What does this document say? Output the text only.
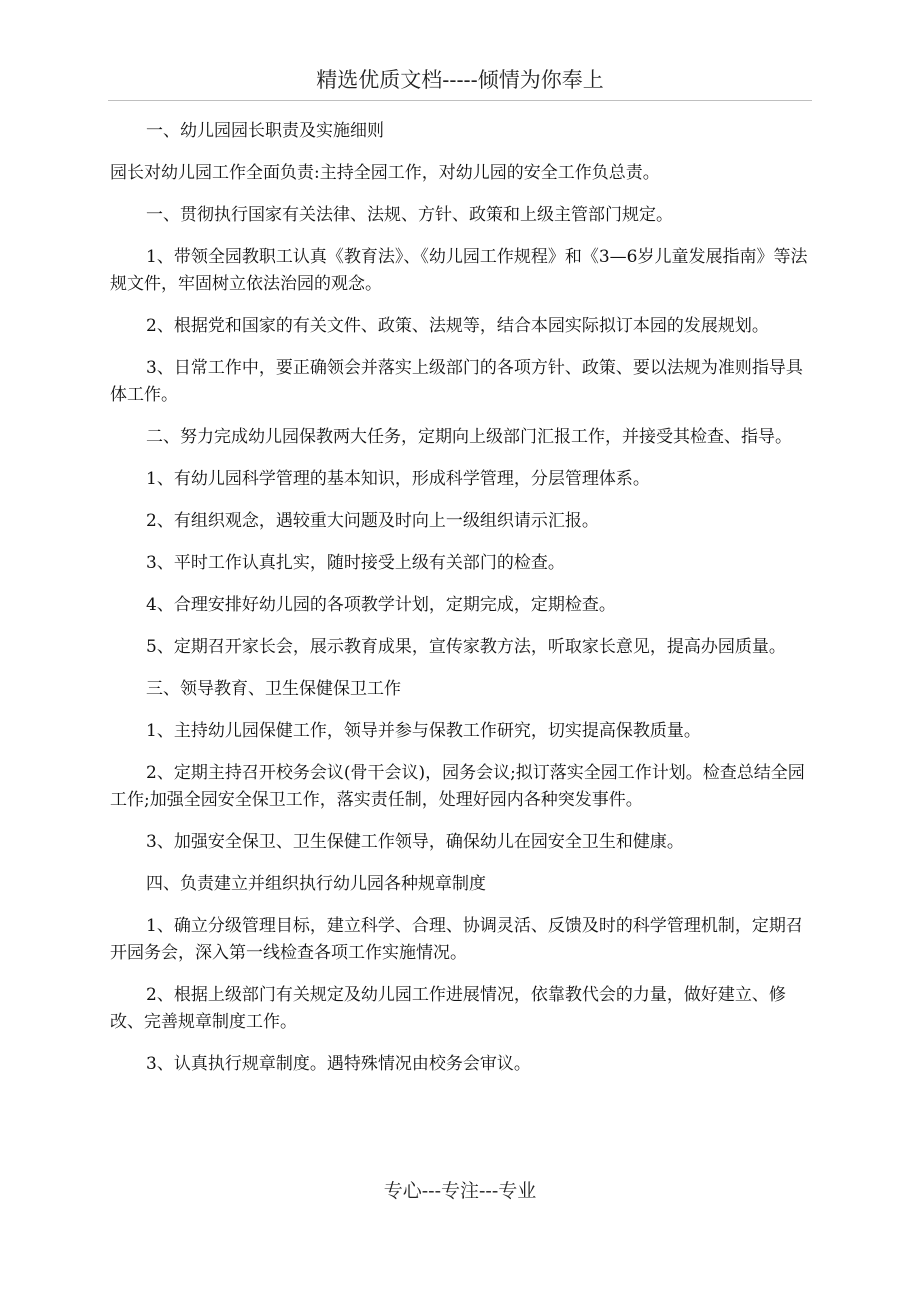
精选优质文档-----倾情为你奉上

一、幼儿园园长职责及实施细则

园长对幼儿园工作全面负责:主持全园工作，对幼儿园的安全工作负总责。

一、贯彻执行国家有关法律、法规、方针、政策和上级主管部门规定。

1、带领全园教职工认真《教育法》、《幼儿园工作规程》和《3—6岁儿童发展指南》等法规文件，牢固树立依法治园的观念。

2、根据党和国家的有关文件、政策、法规等，结合本园实际拟订本园的发展规划。

3、日常工作中，要正确领会并落实上级部门的各项方针、政策、要以法规为准则指导具体工作。

二、努力完成幼儿园保教两大任务，定期向上级部门汇报工作，并接受其检查、指导。

1、有幼儿园科学管理的基本知识，形成科学管理，分层管理体系。

2、有组织观念，遇较重大问题及时向上一级组织请示汇报。

3、平时工作认真扎实，随时接受上级有关部门的检查。

4、合理安排好幼儿园的各项教学计划，定期完成，定期检查。

5、定期召开家长会，展示教育成果，宣传家教方法，听取家长意见，提高办园质量。

三、领导教育、卫生保健保卫工作

1、主持幼儿园保健工作，领导并参与保教工作研究，切实提高保教质量。

2、定期主持召开校务会议(骨干会议)，园务会议;拟订落实全园工作计划。检查总结全园工作;加强全园安全保卫工作，落实责任制，处理好园内各种突发事件。

3、加强安全保卫、卫生保健工作领导，确保幼儿在园安全卫生和健康。

四、负责建立并组织执行幼儿园各种规章制度

1、确立分级管理目标，建立科学、合理、协调灵活、反馈及时的科学管理机制，定期召开园务会，深入第一线检查各项工作实施情况。

2、根据上级部门有关规定及幼儿园工作进展情况，依靠教代会的力量，做好建立、修改、完善规章制度工作。

3、认真执行规章制度。遇特殊情况由校务会审议。

专心---专注---专业
